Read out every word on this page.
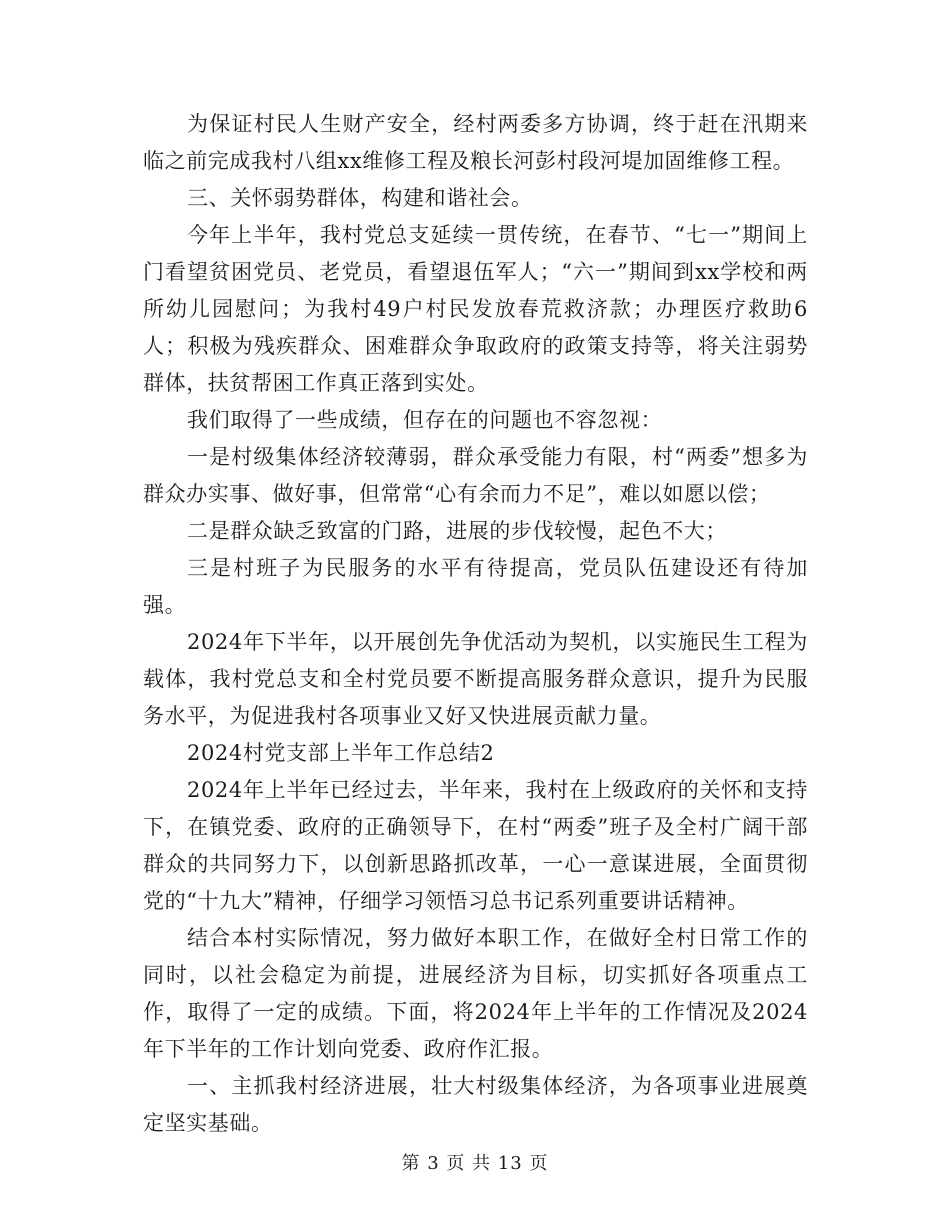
为保证村民人生财产安全，经村两委多方协调，终于赶在汛期来临之前完成我村八组xx维修工程及粮长河彭村段河堤加固维修工程。

三、关怀弱势群体，构建和谐社会。

今年上半年，我村党总支延续一贯传统，在春节、“七一”期间上门看望贫困党员、老党员，看望退伍军人；“六一”期间到xx学校和两所幼儿园慰问；为我村49户村民发放春荒救济款；办理医疗救助6人；积极为残疾群众、困难群众争取政府的政策支持等，将关注弱势群体，扶贫帮困工作真正落到实处。

我们取得了一些成绩，但存在的问题也不容忽视：

一是村级集体经济较薄弱，群众承受能力有限，村“两委”想多为群众办实事、做好事，但常常“心有余而力不足”，难以如愿以偿；

二是群众缺乏致富的门路，进展的步伐较慢，起色不大；

三是村班子为民服务的水平有待提高，党员队伍建设还有待加强。

2024年下半年，以开展创先争优活动为契机，以实施民生工程为载体，我村党总支和全村党员要不断提高服务群众意识，提升为民服务水平，为促进我村各项事业又好又快进展贡献力量。

2024村党支部上半年工作总结2

2024年上半年已经过去，半年来，我村在上级政府的关怀和支持下，在镇党委、政府的正确领导下，在村“两委”班子及全村广阔干部群众的共同努力下，以创新思路抓改革，一心一意谋进展，全面贯彻党的“十九大”精神，仔细学习领悟习总书记系列重要讲话精神。

结合本村实际情况，努力做好本职工作，在做好全村日常工作的同时，以社会稳定为前提，进展经济为目标，切实抓好各项重点工作，取得了一定的成绩。下面，将2024年上半年的工作情况及2024年下半年的工作计划向党委、政府作汇报。

一、主抓我村经济进展，壮大村级集体经济，为各项事业进展奠定坚实基础。

第 3 页 共 13 页
